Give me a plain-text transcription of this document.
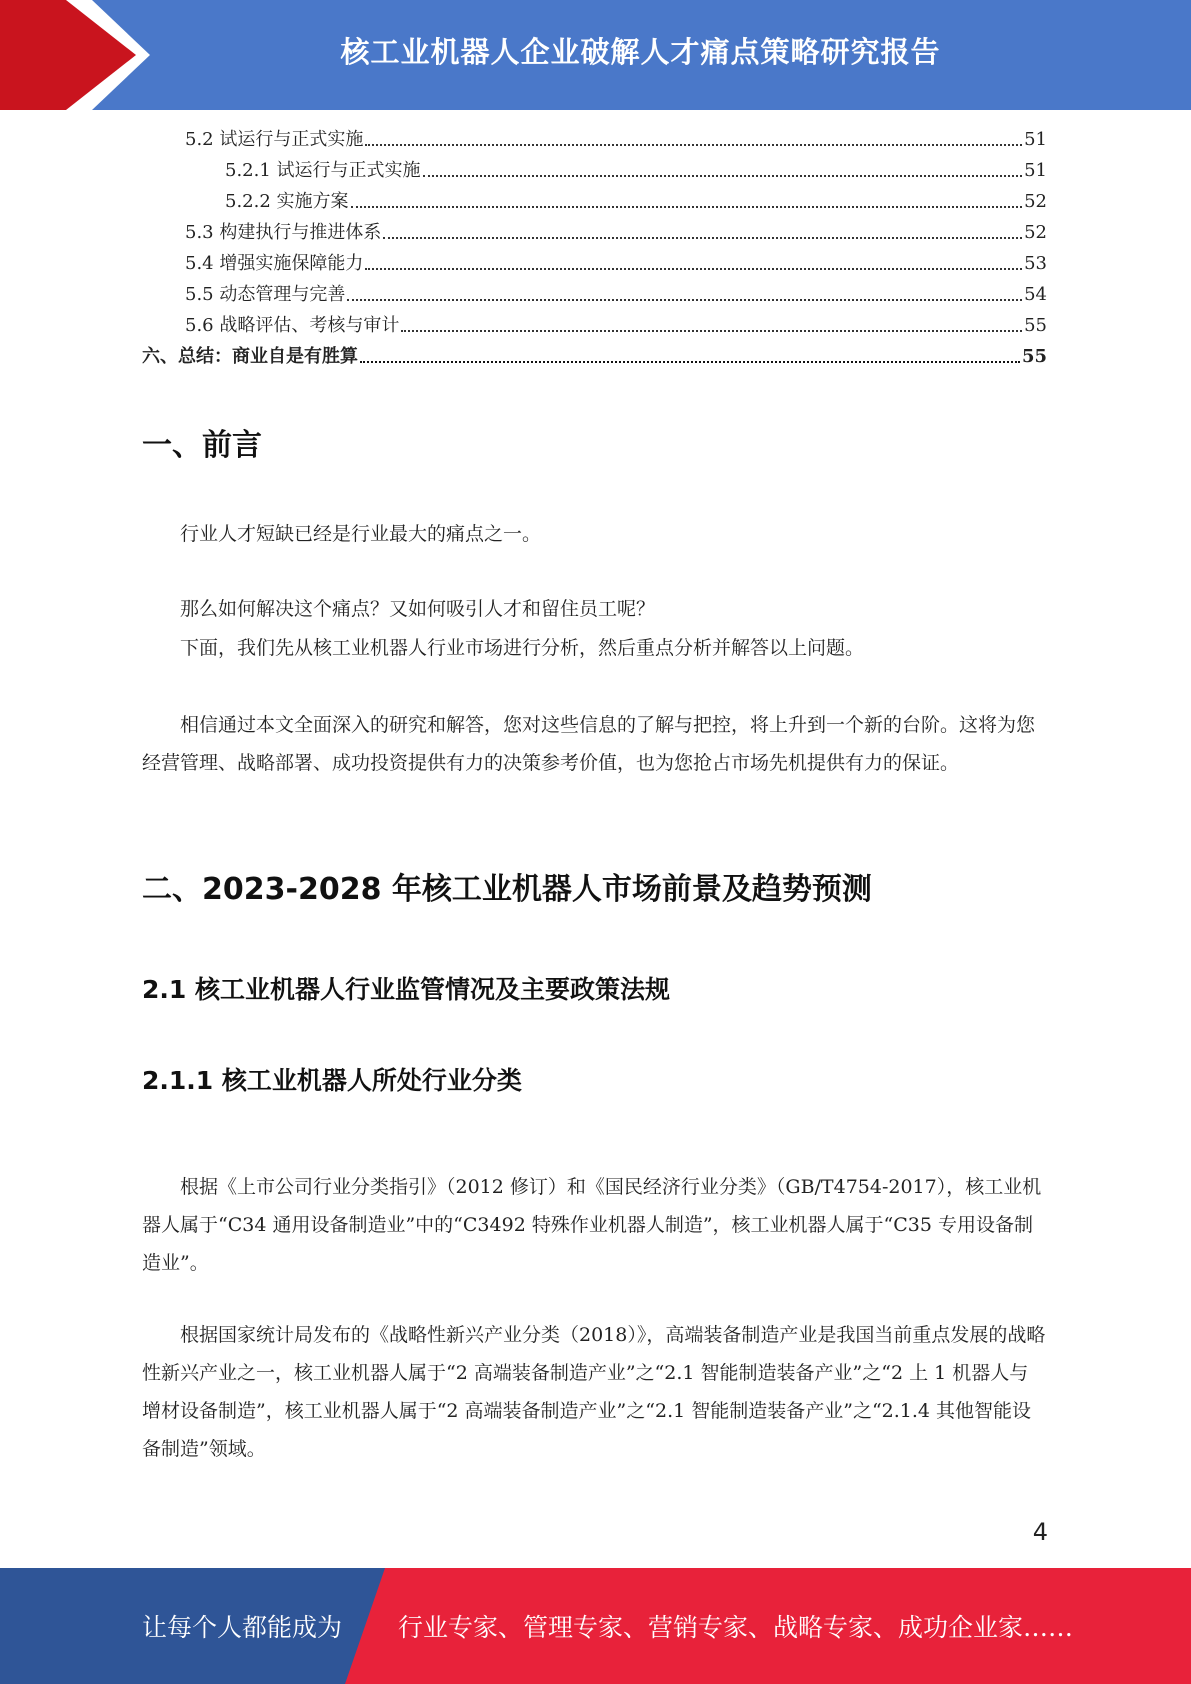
核工业机器人企业破解人才痛点策略研究报告
5.2 试运行与正式实施	51
5.2.1 试运行与正式实施	51
5.2.2 实施方案	52
5.3 构建执行与推进体系	52
5.4 增强实施保障能力	53
5.5 动态管理与完善	54
5.6 战略评估、考核与审计	55
六、总结：商业自是有胜算	55
一、前言

行业人才短缺已经是行业最大的痛点之一。

那么如何解决这个痛点？又如何吸引人才和留住员工呢？

下面，我们先从核工业机器人行业市场进行分析，然后重点分析并解答以上问题。

相信通过本文全面深入的研究和解答，您对这些信息的了解与把控，将上升到一个新的台阶。这将为您经营管理、战略部署、成功投资提供有力的决策参考价值，也为您抢占市场先机提供有力的保证。

二、2023-2028 年核工业机器人市场前景及趋势预测
2.1 核工业机器人行业监管情况及主要政策法规
2.1.1 核工业机器人所处行业分类

根据《上市公司行业分类指引》（2012 修订）和《国民经济行业分类》（GB/T4754-2017），核工业机器人属于“C34 通用设备制造业”中的“C3492 特殊作业机器人制造”，核工业机器人属于“C35 专用设备制造业”。

根据国家统计局发布的《战略性新兴产业分类（2018）》，高端装备制造产业是我国当前重点发展的战略性新兴产业之一，核工业机器人属于“2 高端装备制造产业”之“2.1 智能制造装备产业”之“2 上 1 机器人与增材设备制造”，核工业机器人属于“2 高端装备制造产业”之“2.1 智能制造装备产业”之“2.1.4 其他智能设备制造”领域。

4
让每个人都能成为 行业专家、管理专家、营销专家、战略专家、成功企业家……
